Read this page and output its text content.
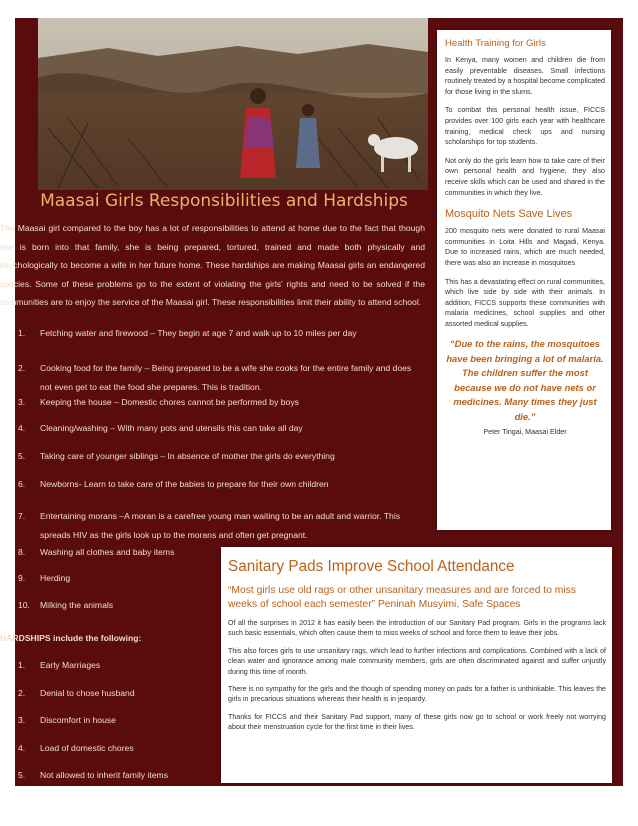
Maasai Girls Responsibilities and Hardships

The Maasai girl compared to the boy has a lot of responsibilities to attend at home due to the fact that though she is born into that family, she is being prepared, tortured, trained and made both physically and psychologically to become a wife in her future home. These hardships are making Maasai girls an endangered species. Some of these problems go to the extent of violating the girls' rights and need to be solved if the communities are to enjoy the service of the Maasai girl. These responsibilities limit their ability to attend school.

1.	Fetching water and firewood – They begin at age 7 and walk up to 10 miles per day
2.	Cooking food for the family – Being prepared to be a wife she cooks for the entire family and does not even get to eat the food she prepares. This is tradition.
3.	Keeping the house – Domestic chores cannot be performed by boys
4.	Cleaning/washing – With many pots and utensils this can take all day
5.	Taking care of younger siblings – In absence of mother the girls do everything
6.	Newborns- Learn to take care of the babies to prepare for their own children
7.	Entertaining morans –A moran is a carefree young man waiting to be an adult and warrior. This spreads HIV as the girls look up to the morans and often get pregnant.
8.	Washing all clothes and baby items
9.	Herding
10.	Milking the animals
HARDSHIPS include the following:
1.	Early Marriages
2.	Denial to chose husband
3.	Discomfort in house
4.	Load of domestic chores
5.	Not allowed to inherit family items
Health Training for Girls

In Kenya, many women and children die from easily preventable diseases. Small infections routinely treated by a hospital become complicated for those living in the slums.

To combat this personal health issue, FICCS provides over 100 girls each year with healthcare training, medical check ups and nursing scholarships for top students.

Not only do the girls learn how to take care of their own personal health and hygiene, they also receive skills which can be used and shared in the communities in which they live.

Mosquito Nets Save Lives

200 mosquito nets were donated to rural Maasai communities in Loita Hills and Magadi, Kenya. Due to increased rains, which are much needed, there was also an increase in mosquitoes

This has a devastating effect on rural communities, which live side by side with their animals. In addition, FICCS supports these communities with malaria medicines, school supplies and other assorted medical supplies.

“Due to the rains, the mosquitoes have been bringing a lot of malaria. The children suffer the most because we do not have nets or medicines. Many times they just die.”
Peter Tingai, Maasai Elder
Sanitary Pads Improve School Attendance
“Most girls use old rags or other unsanitary measures and are forced to miss weeks of school each semester” Peninah Musyimi, Safe Spaces

Of all the surprises in 2012 it has easily been the introduction of our Sanitary Pad program. Girls in the programs lack such basic essentials, which often cause them to miss weeks of school and force them to leave their jobs.

This also forces girls to use unsanitary rags, which lead to further infections and complications. Combined with a lack of clean water and ignorance among male community members, girls are often discriminated against and suffer unjustly during this time of month.

There is no sympathy for the girls and the though of spending money on pads for a father is unthinkable. This leaves the girls in precarious situations whereas their health is in jeopardy.

Thanks for FICCS and their Sanitary Pad support, many of these girls now go to school or work freely not worrying about their menstruation cycle for the first time in their lives.
